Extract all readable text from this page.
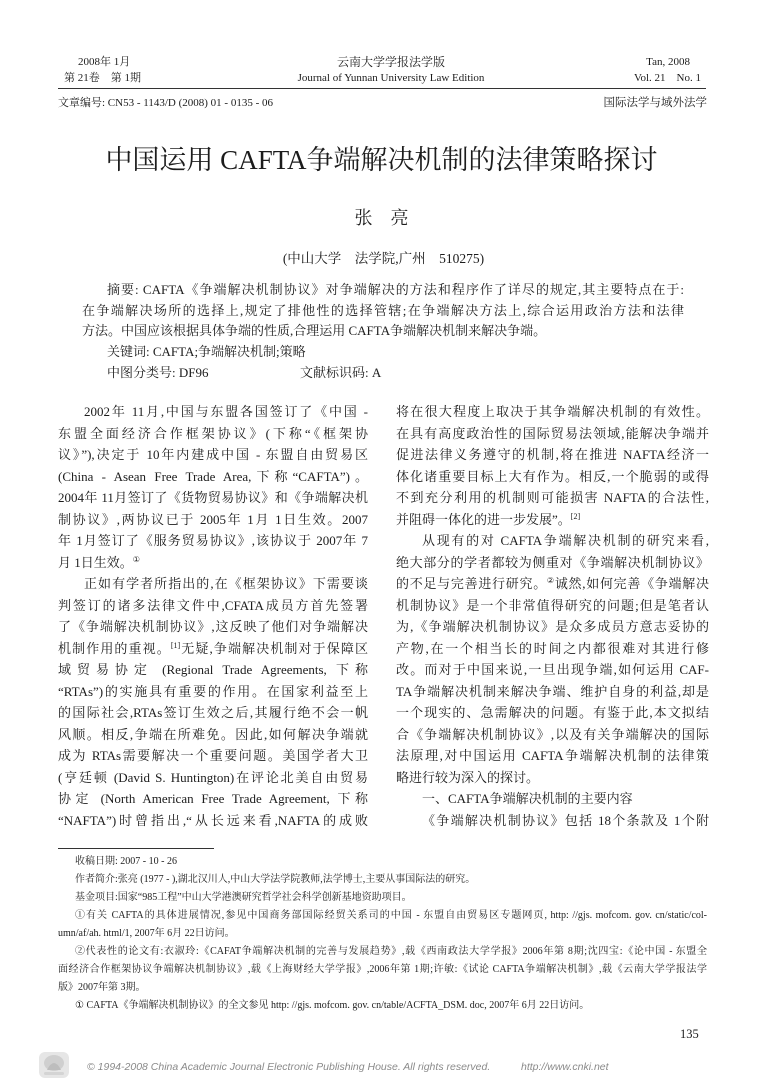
2008年 1月
第 21卷　第 1期
云南大学学报法学版
Journal of Yunnan University Law Edition
Tan, 2008
Vol. 21　No. 1
文章编号: CN53 - 1143/D (2008) 01 - 0135 - 06	国际法学与域外法学
中国运用 CAFTA争端解决机制的法律策略探讨
张　亮
(中山大学　法学院,广州　510275)
摘要: CAFTA《争端解决机制协议》对争端解决的方法和程序作了详尽的规定,其主要特点在于:
在争端解决场所的选择上,规定了排他性的选择管辖;在争端解决方法上,综合运用政治方法和法律
方法。中国应该根据具体争端的性质,合理运用 CAFTA争端解决机制来解决争端。
关键词: CAFTA;争端解决机制;策略
中图分类号: DF96	文献标识码: A
2002年 11月,中国与东盟各国签订了《中国 -
东盟全面经济合作框架协议》(下称“《框架协
议》”),决定于 10年内建成中国 - 东盟自由贸易区
(China - Asean Free Trade Area,下称“CAFTA”)。
2004年 11月签订了《货物贸易协议》和《争端解决机
制协议》,两协议已于 2005年 1月 1日生效。2007
年 1月签订了《服务贸易协议》,该协议于 2007年 7
月 1日生效。①
正如有学者所指出的,在《框架协议》下需要谈
判签订的诸多法律文件中,CFATA成员方首先签署
了《争端解决机制协议》,这反映了他们对争端解决
机制作用的重视。[1]无疑,争端解决机制对于保障区
域贸易协定 (Regional Trade Agreements, 下称
“RTAs”)的实施具有重要的作用。在国家利益至上
的国际社会,RTAs签订生效之后,其履行绝不会一帆
风顺。相反,争端在所难免。因此,如何解决争端就
成为 RTAs需要解决一个重要问题。美国学者大卫
(亨廷顿 (David S. Huntington)在评论北美自由贸易
协定 (North American Free Trade Agreement, 下称
“NAFTA”)时曾指出,“从长远来看,NAFTA的成败
将在很大程度上取决于其争端解决机制的有效性。
在具有高度政治性的国际贸易法领域,能解决争端并
促进法律义务遵守的机制,将在推进 NAFTA经济一
体化诸重要目标上大有作为。相反,一个脆弱的或得
不到充分利用的机制则可能损害 NAFTA的合法性,
并阻碍一体化的进一步发展”。[2]
从现有的对 CAFTA争端解决机制的研究来看,
绝大部分的学者都较为侧重对《争端解决机制协议》
的不足与完善进行研究。②诚然,如何完善《争端解决
机制协议》是一个非常值得研究的问题;但是笔者认
为,《争端解决机制协议》是众多成员方意志妥协的
产物,在一个相当长的时间之内都很难对其进行修
改。而对于中国来说,一旦出现争端,如何运用 CAF-
TA争端解决机制来解决争端、维护自身的利益,却是
一个现实的、急需解决的问题。有鉴于此,本文拟结
合《争端解决机制协议》,以及有关争端解决的国际
法原理,对中国运用 CAFTA争端解决机制的法律策
略进行较为深入的探讨。
一、CAFTA争端解决机制的主要内容
《争端解决机制协议》包括 18个条款及 1个附
收稿日期: 2007 - 10 - 26
作者简介:张亮 (1977 - ),湖北汉川人,中山大学法学院教师,法学博士,主要从事国际法的研究。
基金项目:国家“985工程”中山大学港澳研究哲学社会科学创新基地资助项目。
①有关 CAFTA的具体进展情况,参见中国商务部国际经贸关系司的中国 - 东盟自由贸易区专题网页, http: //gjs. mofcom. gov. cn/static/col-
umn/af/ah. html/1, 2007年 6月 22日访问。
②代表性的论文有:衣淑玲:《CAFAT争端解决机制的完善与发展趋势》,载《西南政法大学学报》2006年第 8期;沈四宝:《论中国 - 东盟全
面经济合作框架协议争端解决机制协议》,载《上海财经大学学报》,2006年第 1期;许敏:《试论 CAFTA争端解决机制》,载《云南大学学报法学
版》2007年第 3期。
① CAFTA《争端解决机制协议》的全文参见 http: //gjs. mofcom. gov. cn/table/ACFTA_DSM. doc, 2007年 6月 22日访问。
135
© 1994-2008 China Academic Journal Electronic Publishing House. All rights reserved.	http://www.cnki.net
